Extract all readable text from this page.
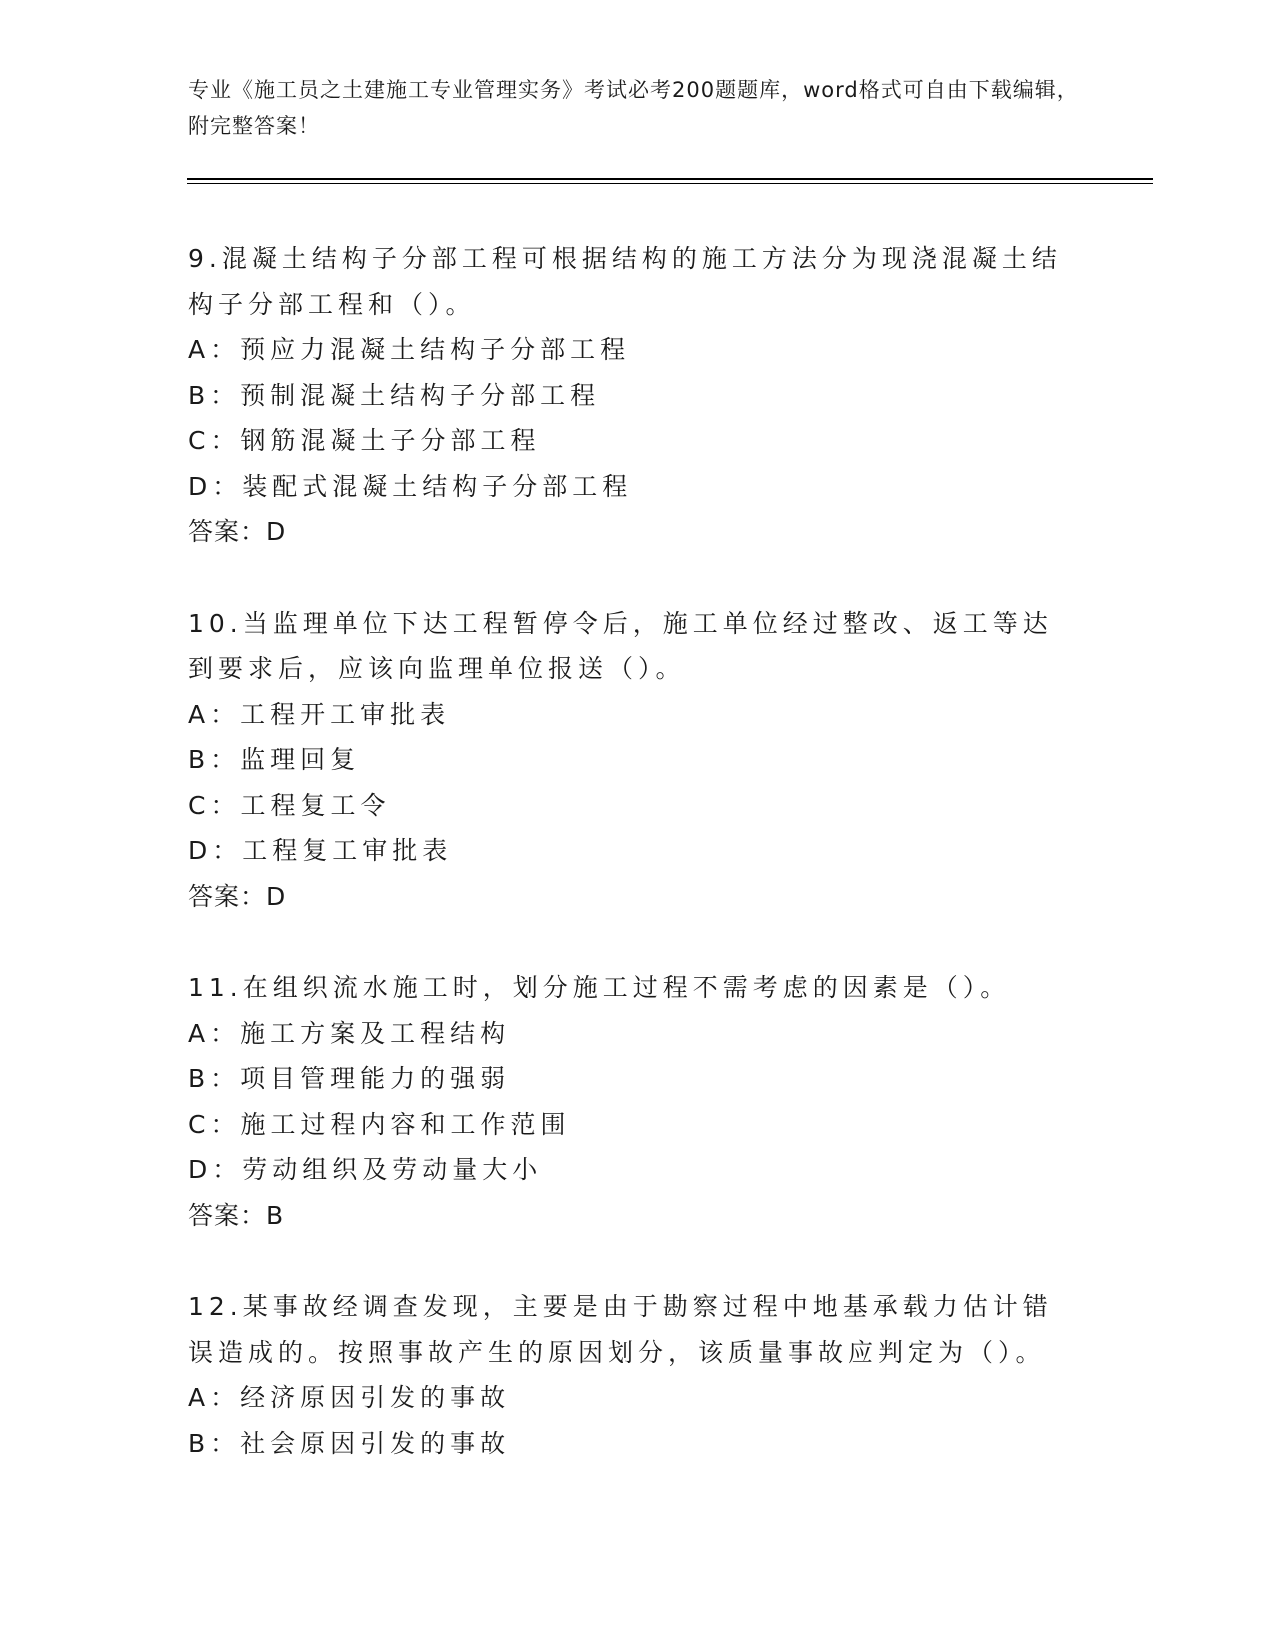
专业《施工员之土建施工专业管理实务》考试必考200题题库，word格式可自由下载编辑，附完整答案！
9.混凝土结构子分部工程可根据结构的施工方法分为现浇混凝土结构子分部工程和（）。
A：预应力混凝土结构子分部工程
B：预制混凝土结构子分部工程
C：钢筋混凝土子分部工程
D：装配式混凝土结构子分部工程
答案：D
10.当监理单位下达工程暂停令后，施工单位经过整改、返工等达到要求后，应该向监理单位报送（）。
A：工程开工审批表
B：监理回复
C：工程复工令
D：工程复工审批表
答案：D
11.在组织流水施工时，划分施工过程不需考虑的因素是（）。
A：施工方案及工程结构
B：项目管理能力的强弱
C：施工过程内容和工作范围
D：劳动组织及劳动量大小
答案：B
12.某事故经调查发现，主要是由于勘察过程中地基承载力估计错误造成的。按照事故产生的原因划分，该质量事故应判定为（）。
A：经济原因引发的事故
B：社会原因引发的事故
